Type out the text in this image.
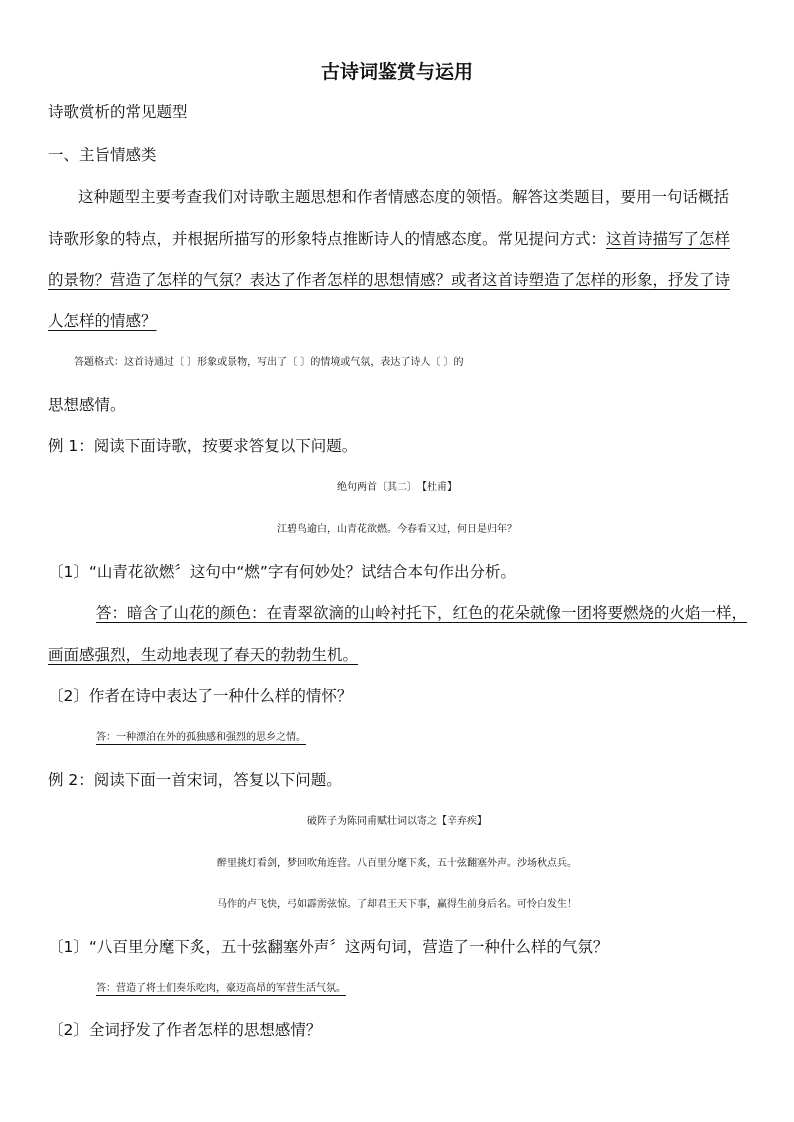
古诗词鉴赏与运用
诗歌赏析的常见题型
一、主旨情感类
这种题型主要考查我们对诗歌主题思想和作者情感态度的领悟。解答这类题目，要用一句话概括
诗歌形象的特点，并根据所描写的形象特点推断诗人的情感态度。常见提问方式：这首诗描写了怎样
的景物？营造了怎样的气氛？表达了作者怎样的思想情感？或者这首诗塑造了怎样的形象，抒发了诗
人怎样的情感？
答题格式：这首诗通过〔 〕形象或景物，写出了〔 〕的情境或气氛，表达了诗人〔 〕的
思想感情。
例 1：阅读下面诗歌，按要求答复以下问题。
绝句两首〔其二〕　【杜甫】
江碧鸟逾白，山青花欲燃。今春看又过，何日是归年？
〔1〕“山青花欲燃〞这句中“燃”字有何妙处？试结合本句作出分析。
答：暗含了山花的颜色：在青翠欲滴的山岭衬托下，红色的花朵就像一团将要燃烧的火焰一样，
画面感强烈，生动地表现了春天的勃勃生机。
〔2〕作者在诗中表达了一种什么样的情怀？
答：一种漂泊在外的孤独感和强烈的思乡之情。
例 2：阅读下面一首宋词，答复以下问题。
破阵子为陈同甫赋壮词以寄之【辛弃疾】
醉里挑灯看剑，梦回吹角连营。八百里分麾下炙，五十弦翻塞外声。沙场秋点兵。
马作的卢飞快，弓如霹雳弦惊。了却君王天下事，赢得生前身后名。可怜白发生！
〔1〕“八百里分麾下炙，五十弦翻塞外声〞这两句词，营造了一种什么样的气氛？
答：营造了将士们奏乐吃肉，豪迈高昂的军营生活气氛。
〔2〕全词抒发了作者怎样的思想感情？
